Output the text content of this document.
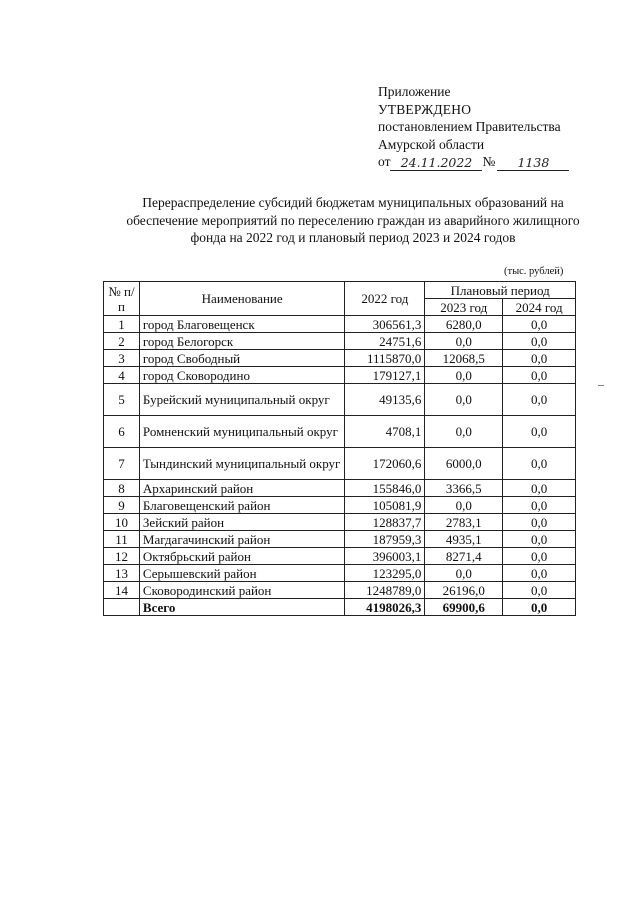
Приложение
УТВЕРЖДЕНО
постановлением Правительства
Амурской области
от 24.11.2022 №	1138
Перераспределение субсидий бюджетам муниципальных образований на обеспечение мероприятий по переселению граждан из аварийного жилищного фонда на 2022 год и плановый период 2023 и 2024 годов
(тыс. рублей)
№ п/п	Наименование	2022 год	Плановый период	
			2023 год	2024 год
1	город Благовещенск	306561,3	6280,0	0,0
2	город Белогорск	24751,6	0,0	0,0
3	город Свободный	1115870,0	12068,5	0,0
4	город Сковородино	179127,1	0,0	0,0
5	Бурейский муниципальный округ	49135,6	0,0	0,0
6	Ромненский муниципальный округ	4708,1	0,0	0,0
7	Тындинский муниципальный округ	172060,6	6000,0	0,0
8	Архаринский район	155846,0	3366,5	0,0
9	Благовещенский район	105081,9	0,0	0,0
10	Зейский район	128837,7	2783,1	0,0
11	Магдагачинский район	187959,3	4935,1	0,0
12	Октябрьский район	396003,1	8271,4	0,0
13	Серышевский район	123295,0	0,0	0,0
14	Сковородинский район	1248789,0	26196,0	0,0
	Всего	4198026,3	69900,6	0,0
